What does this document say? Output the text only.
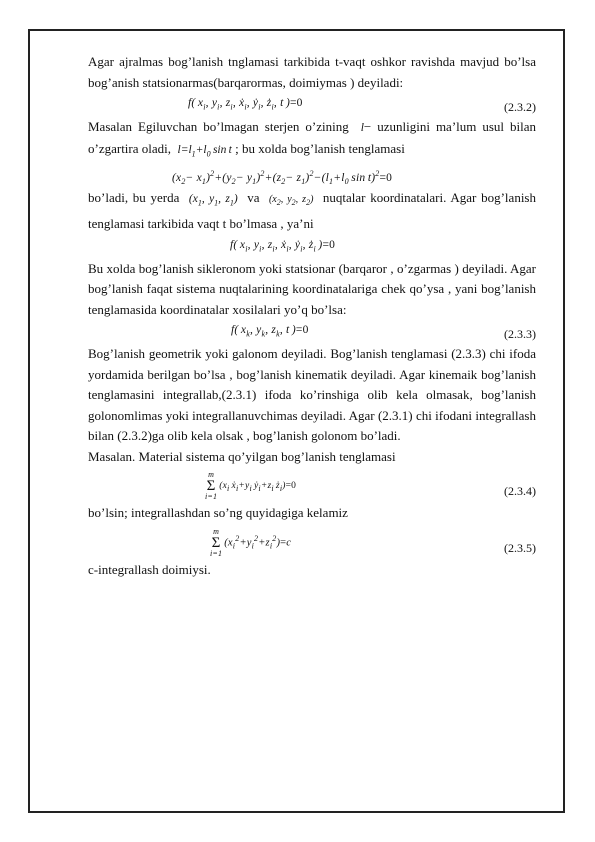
Agar ajralmas bog’lanish tnglamasi tarkibida t-vaqt oshkor ravishda mavjud bo’lsa bog’anish statsionarmas(barqarormas, doimiymas ) deyiladi:

f( $x_i$, $y_i$, $z_i$, ẋ$_i$, ẏ$_i$, $ż_i$, t )=0	(2.3.2)

Masalan Egiluvchan bo’lmagan sterjen o’zining l− uzunligini ma’lum usul bilan o’zgartira oladi, $l=l_1+l_0$ sin t ; bu xolda bog’lanish tenglamasi

$(x_2- x_1)^2+(y_2- y_1)^2+(z_2- z_1)^2-(l_1+l_0$ sin t)$^2$=0

bo’ladi, bu yerda ($x_1$, $y_1$, $z_1$) va ($x_2$, $y_2$, $z_2$) nuqtalar koordinatalari. Agar bog’lanish tenglamasi tarkibida vaqt t bo’lmasa , ya’ni

f( $x_i$, $y_i$, $z_i$, ẋ$_i$, ẏ$_i$, $ż_i$ )=0

Bu xolda bog’lanish sikleronom yoki statsionar (barqaror , o’zgarmas ) deyiladi. Agar bog’lanish faqat sistema nuqtalarining koordinatalariga chek qo’ysa , yani bog’lanish tenglamasida koordinatalar xosilalari yo’q bo’lsa:

f( $x_k$, $y_k$, $z_k$, t )=0	(2.3.3)

Bog’lanish geometrik yoki galonom deyiladi. Bog’lanish tenglamasi (2.3.3) chi ifoda yordamida berilgan bo’lsa , bog’lanish kinematik deyiladi. Agar kinemaik bog’lanish tenglamasini integrallab,(2.3.1) ifoda ko’rinshiga olib kela olmasak, bog’lanish golonomlimas yoki integrallanuvchimas deyiladi. Agar (2.3.1) chi ifodani integrallash bilan (2.3.2)ga olib kela olsak , bog’lanish golonom bo’ladi.

Masalan. Material sistema qo’yilgan bog’lanish tenglamasi

m
Σ
$i=1(x_i$ $ẋ_i+y_i$ $ẏ_i+z_i$ $ż_i)=0$	(2.3.4)

bo’lsin; integrallashdan so’ng quyidagiga kelamiz

m
Σ
$i=1(x_i^2+y_i^2+z_i^2)=c$	(2.3.5)

c-integrallash doimiysi.
